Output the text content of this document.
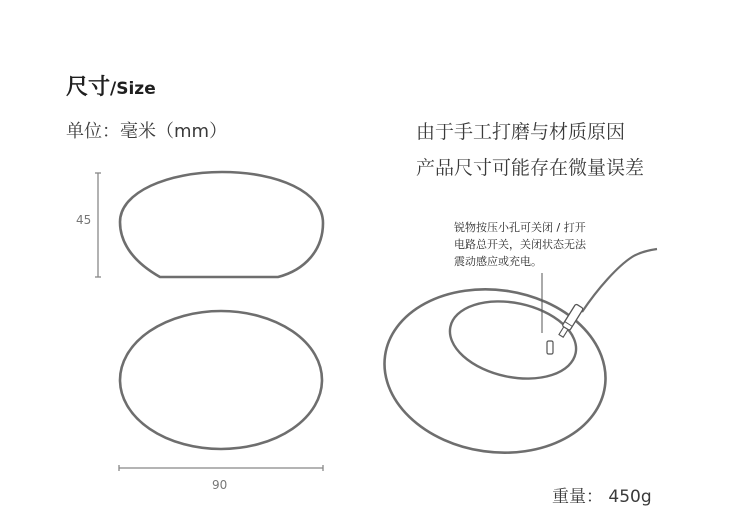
尺寸/Size
单位：毫米（mm）	由于手工打磨与材质原因
产品尺寸可能存在微量误差
锐物按压小孔可关闭 / 打开
电路总开关，关闭状态无法
震动感应或充电。
45
90
重量： 450g
